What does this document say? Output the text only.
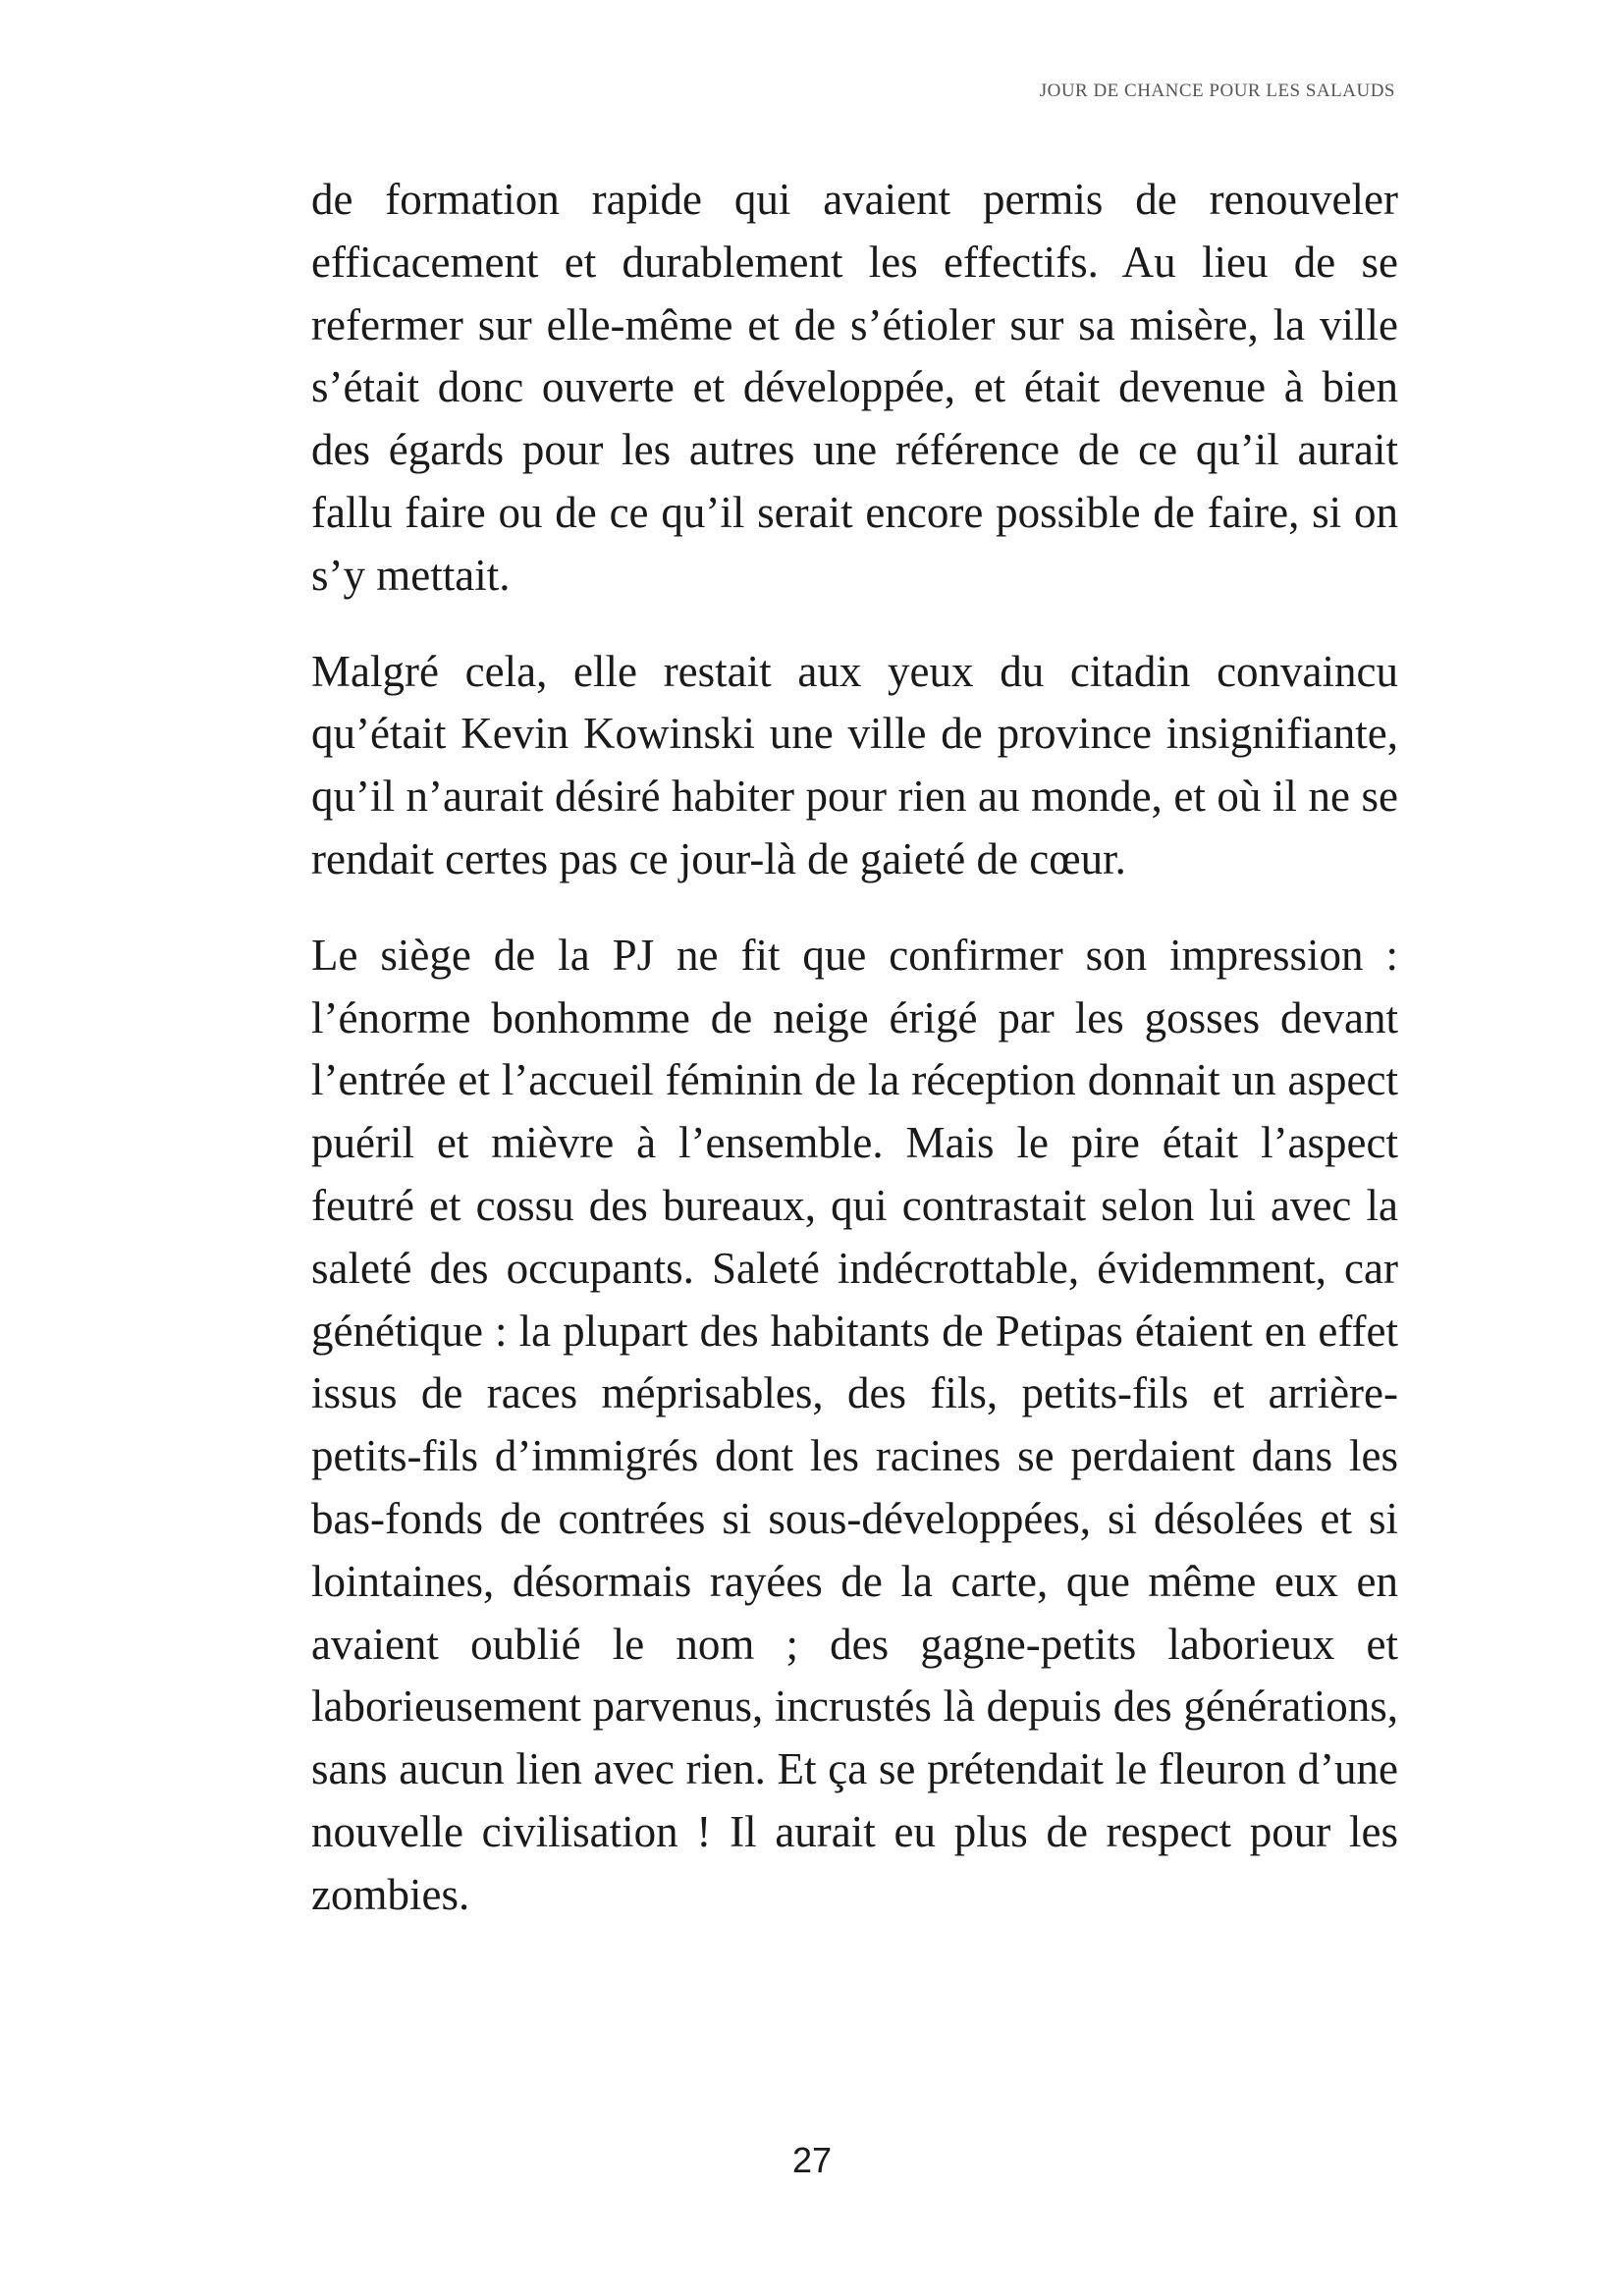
JOUR DE CHANCE POUR LES SALAUDS

de formation rapide qui avaient permis de renouveler efficacement et durablement les effectifs. Au lieu de se refermer sur elle-même et de s’étioler sur sa misère, la ville s’était donc ouverte et développée, et était devenue à bien des égards pour les autres une référence de ce qu’il aurait fallu faire ou de ce qu’il serait encore possible de faire, si on s’y mettait.

Malgré cela, elle restait aux yeux du citadin convaincu qu’était Kevin Kowinski une ville de province insignifiante, qu’il n’aurait désiré habiter pour rien au monde, et où il ne se rendait certes pas ce jour-là de gaieté de cœur.

Le siège de la PJ ne fit que confirmer son impression : l’énorme bonhomme de neige érigé par les gosses devant l’entrée et l’accueil féminin de la réception donnait un aspect puéril et mièvre à l’ensemble. Mais le pire était l’aspect feutré et cossu des bureaux, qui contrastait selon lui avec la saleté des occupants. Saleté indécrottable, évidemment, car génétique : la plupart des habitants de Petipas étaient en effet issus de races méprisables, des fils, petits-fils et arrière-petits-fils d’immigrés dont les racines se perdaient dans les bas-fonds de contrées si sous-développées, si désolées et si lointaines, désormais rayées de la carte, que même eux en avaient oublié le nom ; des gagne-petits laborieux et laborieusement parvenus, incrustés là depuis des générations, sans aucun lien avec rien. Et ça se prétendait le fleuron d’une nouvelle civilisation ! Il aurait eu plus de respect pour les zombies.

27
